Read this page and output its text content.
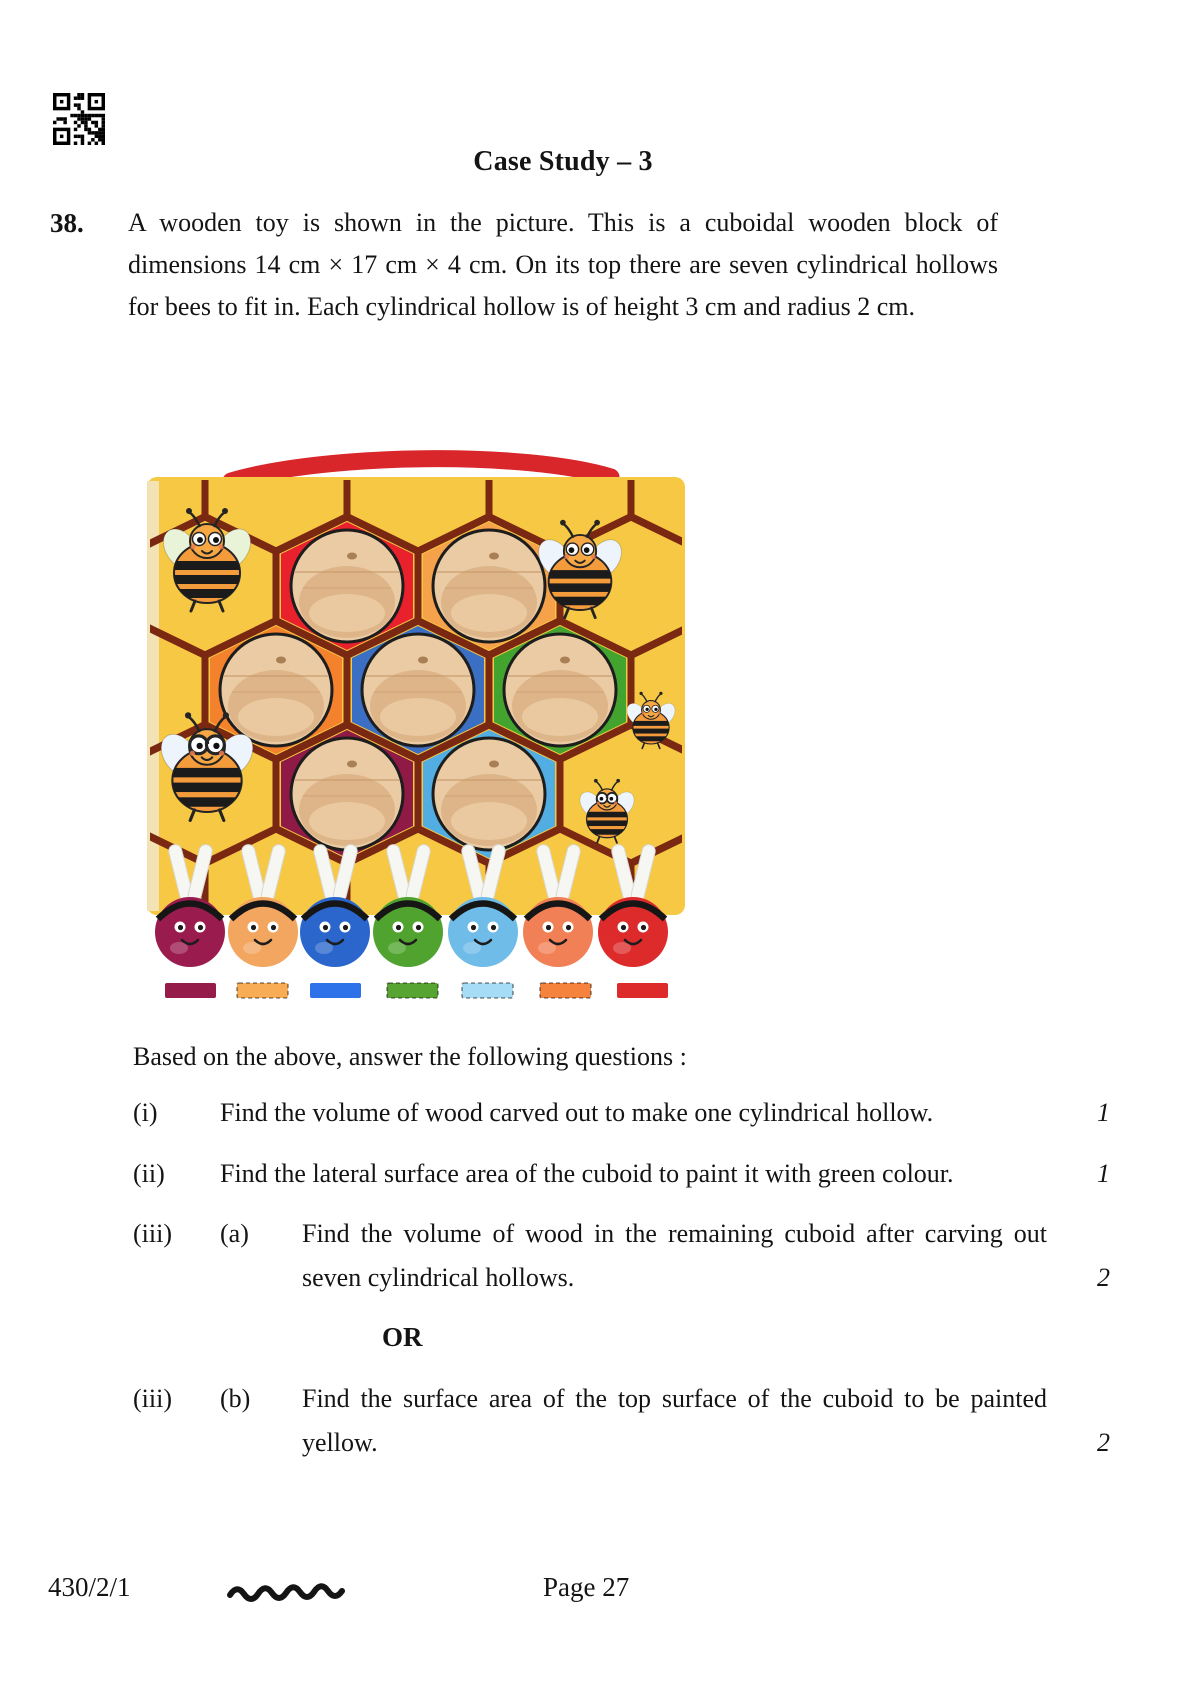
Case Study – 3
38.	A wooden toy is shown in the picture. This is a cuboidal wooden block of dimensions 14 cm × 17 cm × 4 cm. On its top there are seven cylindrical hollows for bees to fit in. Each cylindrical hollow is of height 3 cm and radius 2 cm.
Based on the above, answer the following questions :
(i)	Find the volume of wood carved out to make one cylindrical hollow.	1
(ii)	Find the lateral surface area of the cuboid to paint it with green colour.	1
(iii)	(a)	Find the volume of wood in the remaining cuboid after carving out seven cylindrical hollows.	2
OR
(iii)	(b)	Find the surface area of the top surface of the cuboid to be painted yellow.	2
430/2/1	Page 27
